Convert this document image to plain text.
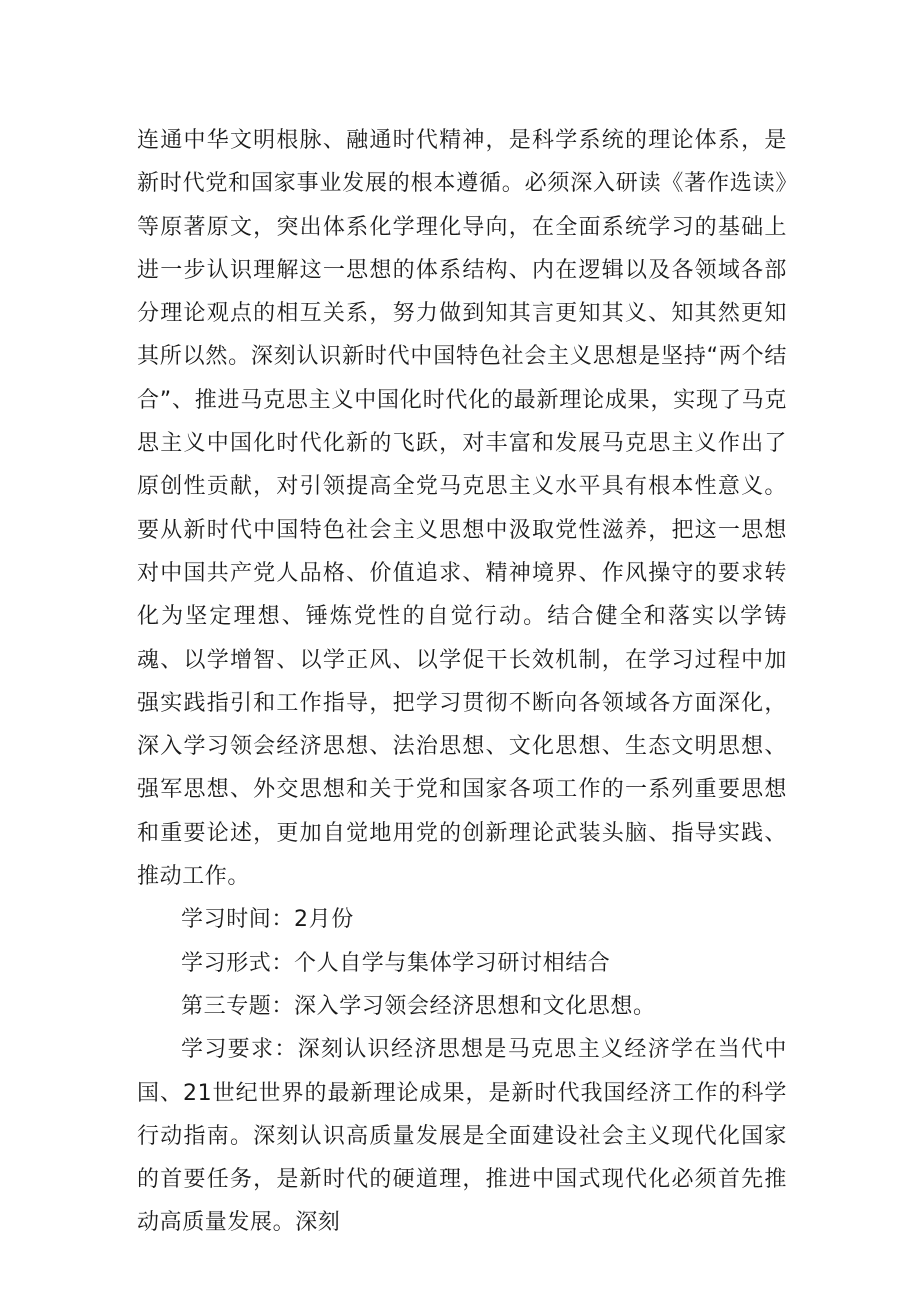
连通中华文明根脉、融通时代精神，是科学系统的理论体系，是新时代党和国家事业发展的根本遵循。必须深入研读《著作选读》等原著原文，突出体系化学理化导向，在全面系统学习的基础上进一步认识理解这一思想的体系结构、内在逻辑以及各领域各部分理论观点的相互关系，努力做到知其言更知其义、知其然更知其所以然。深刻认识新时代中国特色社会主义思想是坚持“两个结合”、推进马克思主义中国化时代化的最新理论成果，实现了马克思主义中国化时代化新的飞跃，对丰富和发展马克思主义作出了原创性贡献，对引领提高全党马克思主义水平具有根本性意义。要从新时代中国特色社会主义思想中汲取党性滋养，把这一思想对中国共产党人品格、价值追求、精神境界、作风操守的要求转化为坚定理想、锤炼党性的自觉行动。结合健全和落实以学铸魂、以学增智、以学正风、以学促干长效机制，在学习过程中加强实践指引和工作指导，把学习贯彻不断向各领域各方面深化，深入学习领会经济思想、法治思想、文化思想、生态文明思想、强军思想、外交思想和关于党和国家各项工作的一系列重要思想和重要论述，更加自觉地用党的创新理论武装头脑、指导实践、推动工作。

学习时间：2月份

学习形式：个人自学与集体学习研讨相结合

第三专题：深入学习领会经济思想和文化思想。

学习要求：深刻认识经济思想是马克思主义经济学在当代中国、21世纪世界的最新理论成果，是新时代我国经济工作的科学行动指南。深刻认识高质量发展是全面建设社会主义现代化国家的首要任务，是新时代的硬道理，推进中国式现代化必须首先推动高质量发展。深刻
